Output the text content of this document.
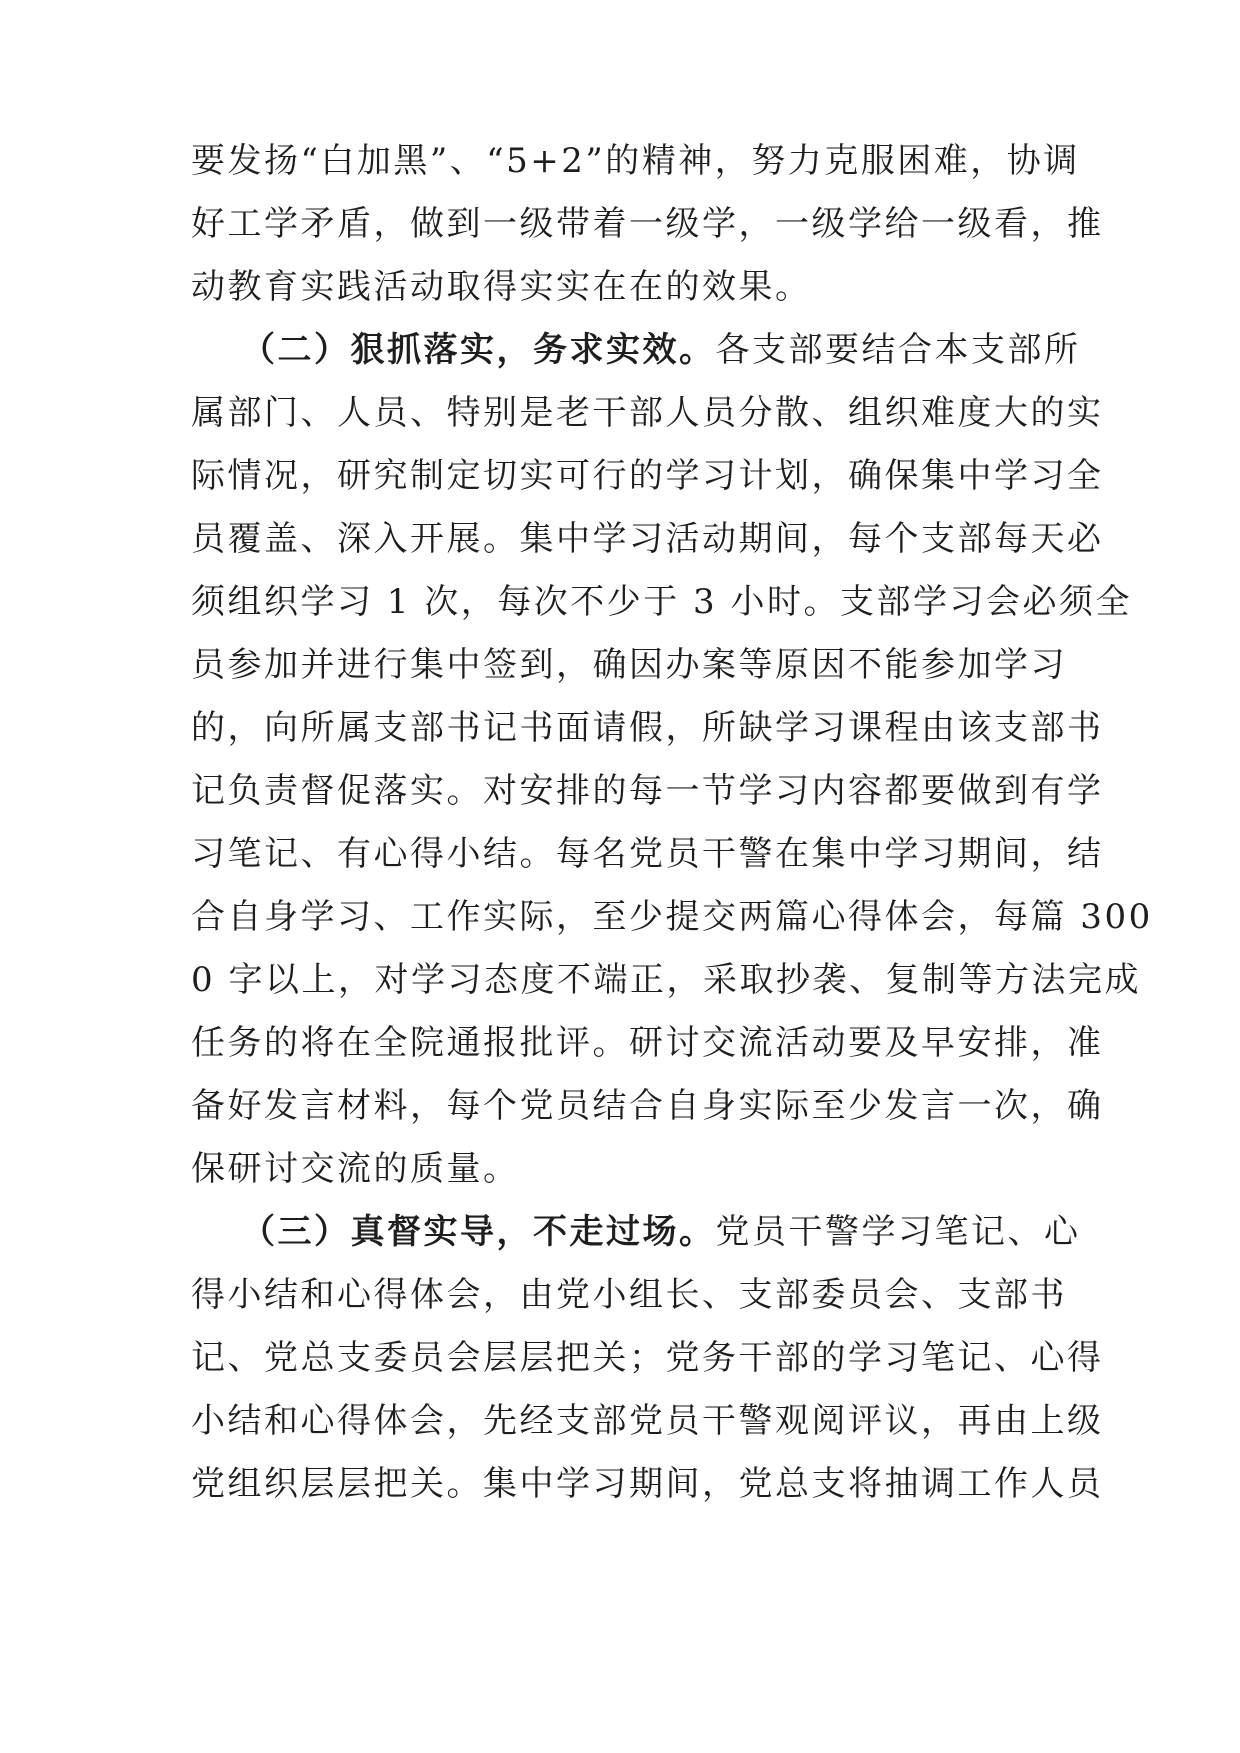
要发扬“白加黑”、“5+2”的精神，努力克服困难，协调
好工学矛盾，做到一级带着一级学，一级学给一级看，推
动教育实践活动取得实实在在的效果。
（二）狠抓落实，务求实效。各支部要结合本支部所
属部门、人员、特别是老干部人员分散、组织难度大的实
际情况，研究制定切实可行的学习计划，确保集中学习全
员覆盖、深入开展。集中学习活动期间，每个支部每天必
须组织学习 1 次，每次不少于 3 小时。支部学习会必须全
员参加并进行集中签到，确因办案等原因不能参加学习
的，向所属支部书记书面请假，所缺学习课程由该支部书
记负责督促落实。对安排的每一节学习内容都要做到有学
习笔记、有心得小结。每名党员干警在集中学习期间，结
合自身学习、工作实际，至少提交两篇心得体会，每篇 300
0 字以上，对学习态度不端正，采取抄袭、复制等方法完成
任务的将在全院通报批评。研讨交流活动要及早安排，准
备好发言材料，每个党员结合自身实际至少发言一次，确
保研讨交流的质量。
（三）真督实导，不走过场。党员干警学习笔记、心
得小结和心得体会，由党小组长、支部委员会、支部书
记、党总支委员会层层把关；党务干部的学习笔记、心得
小结和心得体会，先经支部党员干警观阅评议，再由上级
党组织层层把关。集中学习期间，党总支将抽调工作人员
